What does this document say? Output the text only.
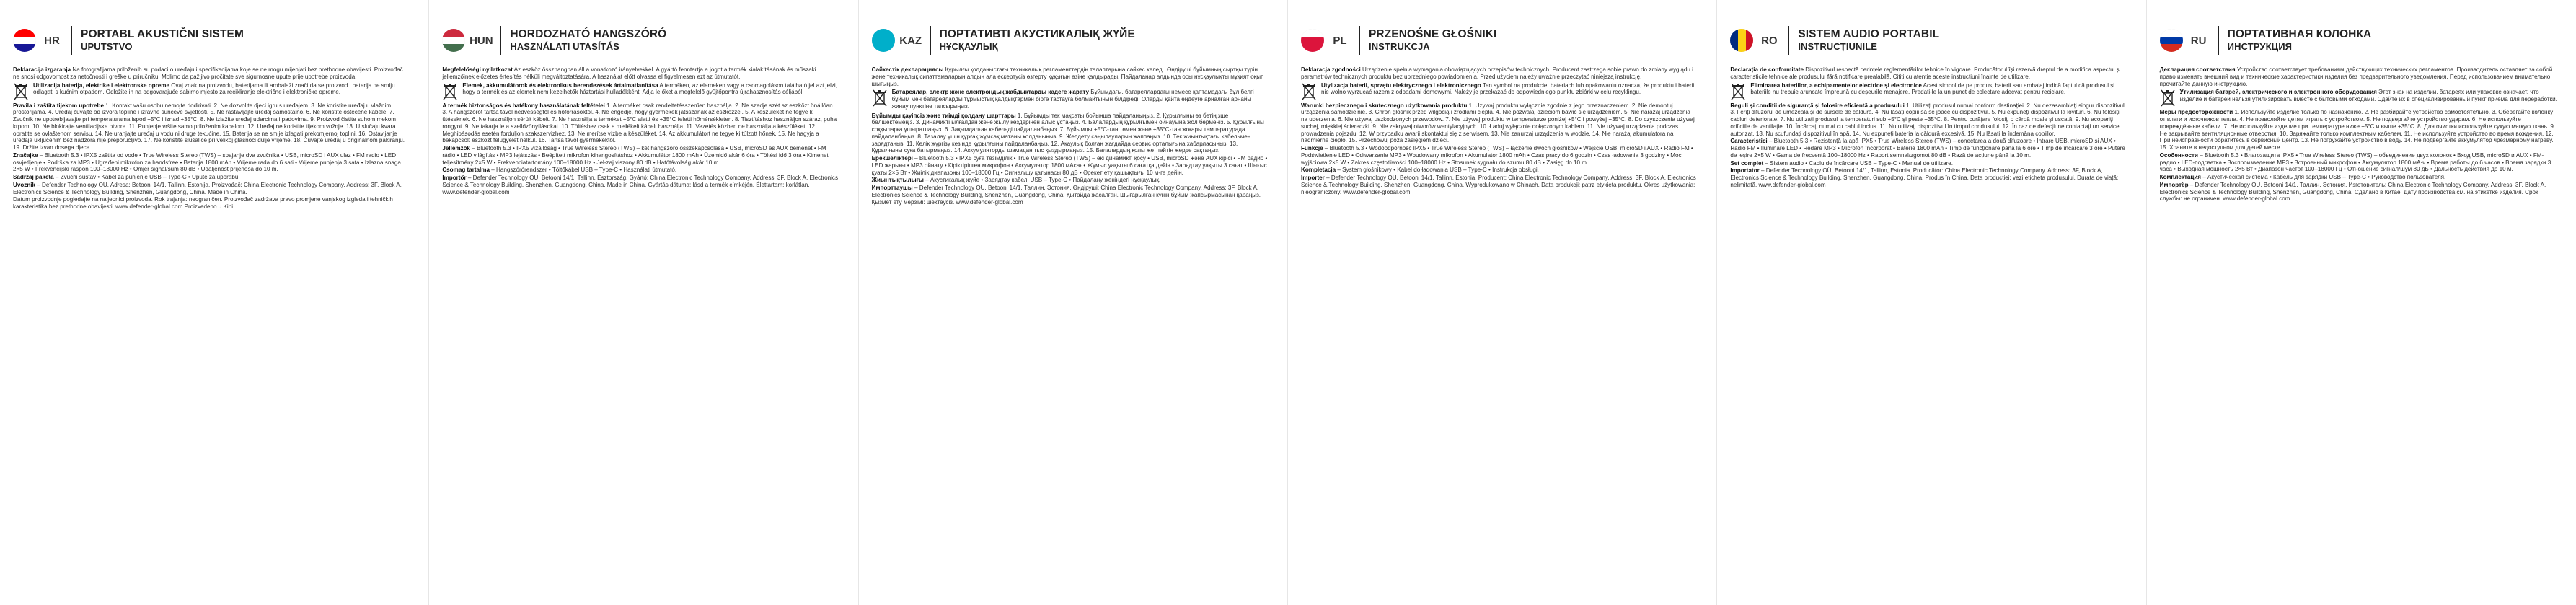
HR	PORTABL AKUSTIČNI SISTEM
UPUTSTVO

Deklaracija izgaranja Na fotografijama priloženih su podaci o uređaju i specifikacijama koje se ne mogu mijenjati bez prethodne obavijesti. Proizvođač ne snosi odgovornost za netočnosti i greške u priručniku. Molimo da pažljivo pročitate sve sigurnosne upute prije upotrebe proizvoda.

Utilizacija baterija, elektrike i elektronske opreme Ovaj znak na proizvodu, baterijama ili ambalaži znači da se proizvod i baterija ne smiju odlagati s kućnim otpadom. Odložite ih na odgovarajuće sabirno mjesto za recikliranje električne i elektroničke opreme.

Pravila i zaštita tijekom upotrebe 1. Kontakt vašu osobu nemojte dodirivati. 2. Ne dozvolite djeci igru s uređajem. 3. Ne koristite uređaj u vlažnim prostorijama. 4. Uređaj čuvajte od izvora topline i izravne sunčeve svjetlosti. 5. Ne rastavljajte uređaj samostalno. 6. Ne koristite oštećene kabele. 7. Zvučnik ne upotrebljavajte pri temperaturama ispod +5°C i iznad +35°C. 8. Ne izlažite uređaj udarcima i padovima. 9. Proizvod čistite suhom mekom krpom. 10. Ne blokirajte ventilacijske otvore. 11. Punjenje vršite samo priloženim kabelom. 12. Uređaj ne koristite tijekom vožnje. 13. U slučaju kvara obratite se ovlaštenom servisu. 14. Ne uranjajte uređaj u vodu ni druge tekućine. 15. Baterija se ne smije izlagati prekomjernoj toplini. 16. Ostavljanje uređaja uključenim bez nadzora nije preporučljivo. 17. Ne koristite slušalice pri velikoj glasnoći dulje vrijeme. 18. Čuvajte uređaj u originalnom pakiranju. 19. Držite izvan dosega djece.

Značajke – Bluetooth 5.3 • IPX5 zaštita od vode • True Wireless Stereo (TWS) – spajanje dva zvučnika • USB, microSD i AUX ulaz • FM radio • LED osvjetljenje • Podrška za MP3 • Ugrađeni mikrofon za handsfree • Baterija 1800 mAh • Vrijeme rada do 6 sati • Vrijeme punjenja 3 sata • Izlazna snaga 2×5 W • Frekvencijski raspon 100–18000 Hz • Omjer signal/šum 80 dB • Udaljenost prijenosa do 10 m.

Sadržaj paketa – Zvučni sustav • Kabel za punjenje USB – Type-C • Upute za uporabu.

Uvoznik – Defender Technology OÜ. Adresa: Betooni 14/1, Tallinn, Estonija. Proizvođač: China Electronic Technology Company. Address: 3F, Block A, Electronics Science & Technology Building, Shenzhen, Guangdong, China. Made in China.

Datum proizvodnje pogledajte na naljepnici proizvoda. Rok trajanja: neograničen. Proizvođač zadržava pravo promjene vanjskog izgleda i tehničkih karakteristika bez prethodne obavijesti. www.defender-global.com Proizvedeno u Kini.

HUN	HORDOZHATÓ HANGSZÓRÓ
HASZNÁLATI UTASÍTÁS

Megfelelőségi nyilatkozat Az eszköz összhangban áll a vonatkozó irányelvekkel. A gyártó fenntartja a jogot a termék kialakításának és műszaki jellemzőinek előzetes értesítés nélküli megváltoztatására. A használat előtt olvassa el figyelmesen ezt az útmutatót.

Elemek, akkumulátorok és elektronikus berendezések ártalmatlanítása A terméken, az elemeken vagy a csomagoláson található jel azt jelzi, hogy a termék és az elemek nem kezelhetők háztartási hulladékként. Adja le őket a megfelelő gyűjtőpontra újrahasznosítás céljából.

A termék biztonságos és hatékony használatának feltételei 1. A terméket csak rendeltetésszerűen használja. 2. Ne szedje szét az eszközt önállóan. 3. A hangszórót tartsa távol nedvességtől és hőforrásoktól. 4. Ne engedje, hogy gyermekek játsszanak az eszközzel. 5. A készüléket ne tegye ki ütéseknek. 6. Ne használjon sérült kábelt. 7. Ne használja a terméket +5°C alatti és +35°C feletti hőmérsékleten. 8. Tisztításhoz használjon száraz, puha rongyot. 9. Ne takarja le a szellőzőnyílásokat. 10. Töltéshez csak a mellékelt kábelt használja. 11. Vezetés közben ne használja a készüléket. 12. Meghibásodás esetén forduljon szakszervizhez. 13. Ne merítse vízbe a készüléket. 14. Az akkumulátort ne tegye ki túlzott hőnek. 15. Ne hagyja a bekapcsolt eszközt felügyelet nélkül. 16. Tartsa távol gyermekektől.

Jellemzők – Bluetooth 5.3 • IPX5 vízállóság • True Wireless Stereo (TWS) – két hangszóró összekapcsolása • USB, microSD és AUX bemenet • FM rádió • LED világítás • MP3 lejátszás • Beépített mikrofon kihangosításhoz • Akkumulátor 1800 mAh • Üzemidő akár 6 óra • Töltési idő 3 óra • Kimeneti teljesítmény 2×5 W • Frekvenciatartomány 100–18000 Hz • Jel-zaj viszony 80 dB • Hatótávolság akár 10 m.

Csomag tartalma – Hangszórórendszer • Töltőkábel USB – Type-C • Használati útmutató.

Importőr – Defender Technology OÜ. Betooni 14/1, Tallinn, Észtország. Gyártó: China Electronic Technology Company. Address: 3F, Block A, Electronics Science & Technology Building, Shenzhen, Guangdong, China. Made in China. Gyártás dátuma: lásd a termék címkéjén. Élettartam: korlátlan. www.defender-global.com

KAZ	ПОРТАТИВТІ АКУСТИКАЛЫҚ ЖҮЙЕ
НҰСҚАУЛЫҚ

Сәйкестік декларациясы Құрылғы қолданыстағы техникалық регламенттердің талаптарына сәйкес келеді. Өндіруші бұйымның сыртқы түрін және техникалық сипаттамаларын алдын ала ескертусіз өзгерту құқығын өзіне қалдырады. Пайдаланар алдында осы нұсқаулықты мұқият оқып шығыңыз.

Батареялар, электр және электрондық жабдықтарды кәдеге жарату Бұйымдағы, батареялардағы немесе қаптамадағы бұл белгі бұйым мен батареяларды тұрмыстық қалдықтармен бірге тастауға болмайтынын білдіреді. Оларды қайта өңдеуге арналған арнайы жинау пунктіне тапсырыңыз.

Бұйымды қауіпсіз және тиімді қолдану шарттары 1. Бұйымды тек мақсаты бойынша пайдаланыңыз. 2. Құрылғыны өз бетіңізше бөлшектемеңіз. 3. Динамикті ылғалдан және жылу көздерінен алыс ұстаңыз. 4. Балалардың құрылғымен ойнауына жол бермеңіз. 5. Құрылғыны соққыларға ұшыратпаңыз. 6. Зақымдалған кабельді пайдаланбаңыз. 7. Бұйымды +5°C-тан төмен және +35°C-тан жоғары температурада пайдаланбаңыз. 8. Тазалау үшін құрғақ жұмсақ матаны қолданыңыз. 9. Желдету саңылауларын жаппаңыз. 10. Тек жиынтықтағы кабельмен зарядтаңыз. 11. Көлік жүргізу кезінде құрылғыны пайдаланбаңыз. 12. Ақаулық болған жағдайда сервис орталығына хабарласыңыз. 13. Құрылғыны суға батырмаңыз. 14. Аккумуляторды шамадан тыс қыздырмаңыз. 15. Балалардың қолы жетпейтін жерде сақтаңыз.

Ерекшеліктері – Bluetooth 5.3 • IPX5 суға төзімділік • True Wireless Stereo (TWS) – екі динамикті қосу • USB, microSD және AUX кірісі • FM радио • LED жарығы • MP3 ойнату • Кіріктірілген микрофон • Аккумулятор 1800 мАсағ • Жұмыс уақыты 6 сағатқа дейін • Зарядтау уақыты 3 сағат • Шығыс қуаты 2×5 Вт • Жиілік диапазоны 100–18000 Гц • Сигнал/шу қатынасы 80 дБ • Әрекет ету қашықтығы 10 м-ге дейін.

Жиынтықтылығы – Акустикалық жүйе • Зарядтау кабелі USB – Type-C • Пайдалану жөніндегі нұсқаулық.

Импорттаушы – Defender Technology OÜ. Betooni 14/1, Таллин, Эстония. Өндіруші: China Electronic Technology Company. Address: 3F, Block A, Electronics Science & Technology Building, Shenzhen, Guangdong, China. Қытайда жасалған. Шығарылған күнін бұйым жапсырмасынан қараңыз. Қызмет ету мерзімі: шектеусіз. www.defender-global.com

PL	PRZENOŚNE GŁOŚNIKI
INSTRUKCJA

Deklaracja zgodności Urządzenie spełnia wymagania obowiązujących przepisów technicznych. Producent zastrzega sobie prawo do zmiany wyglądu i parametrów technicznych produktu bez uprzedniego powiadomienia. Przed użyciem należy uważnie przeczytać niniejszą instrukcję.

Utylizacja baterii, sprzętu elektrycznego i elektronicznego Ten symbol na produkcie, bateriach lub opakowaniu oznacza, że produktu i baterii nie wolno wyrzucać razem z odpadami domowymi. Należy je przekazać do odpowiedniego punktu zbiórki w celu recyklingu.

Warunki bezpiecznego i skutecznego użytkowania produktu 1. Używaj produktu wyłącznie zgodnie z jego przeznaczeniem. 2. Nie demontuj urządzenia samodzielnie. 3. Chroń głośnik przed wilgocią i źródłami ciepła. 4. Nie pozwalaj dzieciom bawić się urządzeniem. 5. Nie narażaj urządzenia na uderzenia. 6. Nie używaj uszkodzonych przewodów. 7. Nie używaj produktu w temperaturze poniżej +5°C i powyżej +35°C. 8. Do czyszczenia używaj suchej, miękkiej ściereczki. 9. Nie zakrywaj otworów wentylacyjnych. 10. Ładuj wyłącznie dołączonym kablem. 11. Nie używaj urządzenia podczas prowadzenia pojazdu. 12. W przypadku awarii skontaktuj się z serwisem. 13. Nie zanurzaj urządzenia w wodzie. 14. Nie narażaj akumulatora na nadmierne ciepło. 15. Przechowuj poza zasięgiem dzieci.

Funkcje – Bluetooth 5.3 • Wodoodporność IPX5 • True Wireless Stereo (TWS) – łączenie dwóch głośników • Wejście USB, microSD i AUX • Radio FM • Podświetlenie LED • Odtwarzanie MP3 • Wbudowany mikrofon • Akumulator 1800 mAh • Czas pracy do 6 godzin • Czas ładowania 3 godziny • Moc wyjściowa 2×5 W • Zakres częstotliwości 100–18000 Hz • Stosunek sygnału do szumu 80 dB • Zasięg do 10 m.

Kompletacja – System głośnikowy • Kabel do ładowania USB – Type-C • Instrukcja obsługi.

Importer – Defender Technology OÜ. Betooni 14/1, Tallinn, Estonia. Producent: China Electronic Technology Company. Address: 3F, Block A, Electronics Science & Technology Building, Shenzhen, Guangdong, China. Wyprodukowano w Chinach. Data produkcji: patrz etykieta produktu. Okres użytkowania: nieograniczony. www.defender-global.com

RO	SISTEM AUDIO PORTABIL
INSTRUCȚIUNILE

Declarația de conformitate Dispozitivul respectă cerințele reglementărilor tehnice în vigoare. Producătorul își rezervă dreptul de a modifica aspectul și caracteristicile tehnice ale produsului fără notificare prealabilă. Citiți cu atenție aceste instrucțiuni înainte de utilizare.

Eliminarea bateriilor, a echipamentelor electrice și electronice Acest simbol de pe produs, baterii sau ambalaj indică faptul că produsul și bateriile nu trebuie aruncate împreună cu deșeurile menajere. Predați-le la un punct de colectare adecvat pentru reciclare.

Reguli și condiții de siguranță și folosire eficientă a produsului 1. Utilizați produsul numai conform destinației. 2. Nu dezasamblați singur dispozitivul. 3. Feriți difuzorul de umezeală și de sursele de căldură. 4. Nu lăsați copiii să se joace cu dispozitivul. 5. Nu expuneți dispozitivul la lovituri. 6. Nu folosiți cabluri deteriorate. 7. Nu utilizați produsul la temperaturi sub +5°C și peste +35°C. 8. Pentru curățare folosiți o cârpă moale și uscată. 9. Nu acoperiți orificiile de ventilație. 10. Încărcați numai cu cablul inclus. 11. Nu utilizați dispozitivul în timpul condusului. 12. În caz de defecțiune contactați un service autorizat. 13. Nu scufundați dispozitivul în apă. 14. Nu expuneți bateria la căldură excesivă. 15. Nu lăsați la îndemâna copiilor.

Caracteristici – Bluetooth 5.3 • Rezistență la apă IPX5 • True Wireless Stereo (TWS) – conectarea a două difuzoare • Intrare USB, microSD și AUX • Radio FM • Iluminare LED • Redare MP3 • Microfon încorporat • Baterie 1800 mAh • Timp de funcționare până la 6 ore • Timp de încărcare 3 ore • Putere de ieșire 2×5 W • Gama de frecvență 100–18000 Hz • Raport semnal/zgomot 80 dB • Rază de acțiune până la 10 m.

Set complet – Sistem audio • Cablu de încărcare USB – Type-C • Manual de utilizare.

Importator – Defender Technology OÜ. Betooni 14/1, Tallinn, Estonia. Producător: China Electronic Technology Company. Address: 3F, Block A, Electronics Science & Technology Building, Shenzhen, Guangdong, China. Produs în China. Data producției: vezi eticheta produsului. Durata de viață: nelimitată. www.defender-global.com

RU	ПОРТАТИВНАЯ КОЛОНКА
ИНСТРУКЦИЯ

Декларация соответствия Устройство соответствует требованиям действующих технических регламентов. Производитель оставляет за собой право изменять внешний вид и технические характеристики изделия без предварительного уведомления. Перед использованием внимательно прочитайте данную инструкцию.

Утилизация батарей, электрического и электронного оборудования Этот знак на изделии, батареях или упаковке означает, что изделие и батареи нельзя утилизировать вместе с бытовыми отходами. Сдайте их в специализированный пункт приёма для переработки.

Меры предосторожности 1. Используйте изделие только по назначению. 2. Не разбирайте устройство самостоятельно. 3. Оберегайте колонку от влаги и источников тепла. 4. Не позволяйте детям играть с устройством. 5. Не подвергайте устройство ударам. 6. Не используйте повреждённые кабели. 7. Не используйте изделие при температуре ниже +5°C и выше +35°C. 8. Для очистки используйте сухую мягкую ткань. 9. Не закрывайте вентиляционные отверстия. 10. Заряжайте только комплектным кабелем. 11. Не используйте устройство во время вождения. 12. При неисправности обратитесь в сервисный центр. 13. Не погружайте устройство в воду. 14. Не подвергайте аккумулятор чрезмерному нагреву. 15. Храните в недоступном для детей месте.

Особенности – Bluetooth 5.3 • Влагозащита IPX5 • True Wireless Stereo (TWS) – объединение двух колонок • Вход USB, microSD и AUX • FM-радио • LED-подсветка • Воспроизведение MP3 • Встроенный микрофон • Аккумулятор 1800 мА·ч • Время работы до 6 часов • Время зарядки 3 часа • Выходная мощность 2×5 Вт • Диапазон частот 100–18000 Гц • Отношение сигнал/шум 80 дБ • Дальность действия до 10 м.

Комплектация – Акустическая система • Кабель для зарядки USB – Type-C • Руководство пользователя.

Импортёр – Defender Technology OÜ. Betooni 14/1, Таллин, Эстония. Изготовитель: China Electronic Technology Company. Address: 3F, Block A, Electronics Science & Technology Building, Shenzhen, Guangdong, China. Сделано в Китае. Дату производства см. на этикетке изделия. Срок службы: не ограничен. www.defender-global.com
